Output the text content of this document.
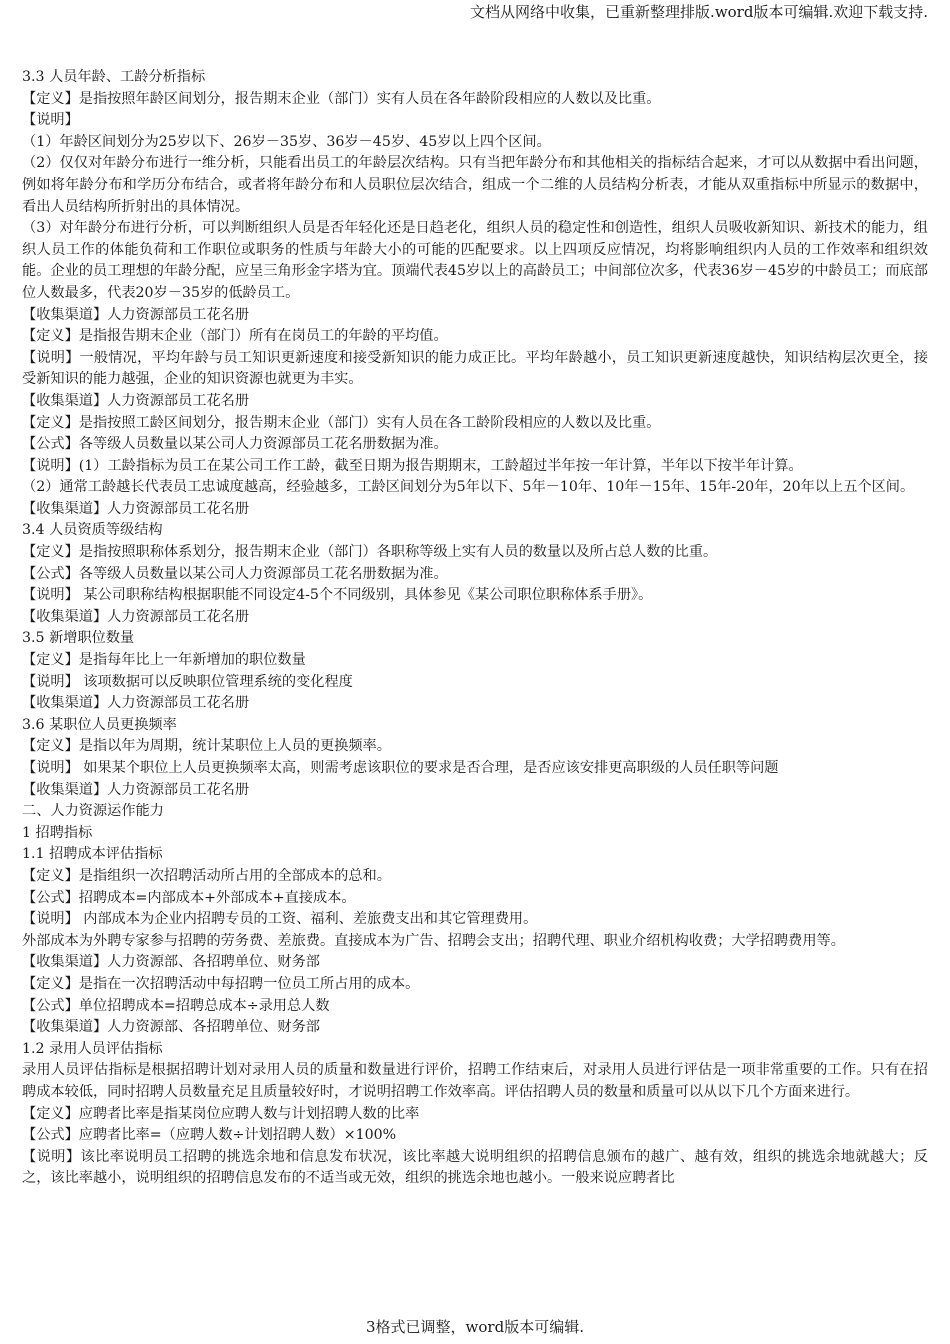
文档从网络中收集，已重新整理排版.word版本可编辑.欢迎下载支持.

3.3 人员年龄、工龄分析指标

【定义】是指按照年龄区间划分，报告期末企业（部门）实有人员在各年龄阶段相应的人数以及比重。

【说明】

（1）年龄区间划分为25岁以下、26岁－35岁、36岁－45岁、45岁以上四个区间。

（2）仅仅对年龄分布进行一维分析，只能看出员工的年龄层次结构。只有当把年龄分布和其他相关的指标结合起来，才可以从数据中看出问题，例如将年龄分布和学历分布结合，或者将年龄分布和人员职位层次结合，组成一个二维的人员结构分析表，才能从双重指标中所显示的数据中，看出人员结构所折射出的具体情况。

（3）对年龄分布进行分析，可以判断组织人员是否年轻化还是日趋老化，组织人员的稳定性和创造性，组织人员吸收新知识、新技术的能力，组织人员工作的体能负荷和工作职位或职务的性质与年龄大小的可能的匹配要求。以上四项反应情况，均将影响组织内人员的工作效率和组织效能。企业的员工理想的年龄分配，应呈三角形金字塔为宜。顶端代表45岁以上的高龄员工；中间部位次多，代表36岁－45岁的中龄员工；而底部位人数最多，代表20岁－35岁的低龄员工。

【收集渠道】人力资源部员工花名册

【定义】是指报告期末企业（部门）所有在岗员工的年龄的平均值。

【说明】一般情况，平均年龄与员工知识更新速度和接受新知识的能力成正比。平均年龄越小，员工知识更新速度越快，知识结构层次更全，接受新知识的能力越强，企业的知识资源也就更为丰实。

【收集渠道】人力资源部员工花名册

【定义】是指按照工龄区间划分，报告期末企业（部门）实有人员在各工龄阶段相应的人数以及比重。

【公式】各等级人员数量以某公司人力资源部员工花名册数据为准。

【说明】(1）工龄指标为员工在某公司工作工龄，截至日期为报告期期末，工龄超过半年按一年计算，半年以下按半年计算。

（2）通常工龄越长代表员工忠诚度越高，经验越多，工龄区间划分为5年以下、5年－10年、10年－15年、15年-20年，20年以上五个区间。

【收集渠道】人力资源部员工花名册

3.4 人员资质等级结构

【定义】是指按照职称体系划分，报告期末企业（部门）各职称等级上实有人员的数量以及所占总人数的比重。

【公式】各等级人员数量以某公司人力资源部员工花名册数据为准。

【说明】 某公司职称结构根据职能不同设定4-5个不同级别，具体参见《某公司职位职称体系手册》。

【收集渠道】人力资源部员工花名册

3.5 新增职位数量

【定义】是指每年比上一年新增加的职位数量

【说明】 该项数据可以反映职位管理系统的变化程度

【收集渠道】人力资源部员工花名册

3.6 某职位人员更换频率

【定义】是指以年为周期，统计某职位上人员的更换频率。

【说明】 如果某个职位上人员更换频率太高，则需考虑该职位的要求是否合理，是否应该安排更高职级的人员任职等问题

【收集渠道】人力资源部员工花名册

二、人力资源运作能力

1 招聘指标

1.1 招聘成本评估指标

【定义】是指组织一次招聘活动所占用的全部成本的总和。

【公式】招聘成本=内部成本+外部成本+直接成本。

【说明】 内部成本为企业内招聘专员的工资、福利、差旅费支出和其它管理费用。

外部成本为外聘专家参与招聘的劳务费、差旅费。直接成本为广告、招聘会支出；招聘代理、职业介绍机构收费；大学招聘费用等。

【收集渠道】人力资源部、各招聘单位、财务部

【定义】是指在一次招聘活动中每招聘一位员工所占用的成本。

【公式】单位招聘成本=招聘总成本÷录用总人数

【收集渠道】人力资源部、各招聘单位、财务部

1.2 录用人员评估指标

录用人员评估指标是根据招聘计划对录用人员的质量和数量进行评价，招聘工作结束后，对录用人员进行评估是一项非常重要的工作。只有在招聘成本较低，同时招聘人员数量充足且质量较好时，才说明招聘工作效率高。评估招聘人员的数量和质量可以从以下几个方面来进行。

【定义】应聘者比率是指某岗位应聘人数与计划招聘人数的比率

【公式】应聘者比率=（应聘人数÷计划招聘人数）×100%

【说明】该比率说明员工招聘的挑选余地和信息发布状况，该比率越大说明组织的招聘信息颁布的越广、越有效，组织的挑选余地就越大；反之，该比率越小，说明组织的招聘信息发布的不适当或无效，组织的挑选余地也越小。一般来说应聘者比

3格式已调整，word版本可编辑.
